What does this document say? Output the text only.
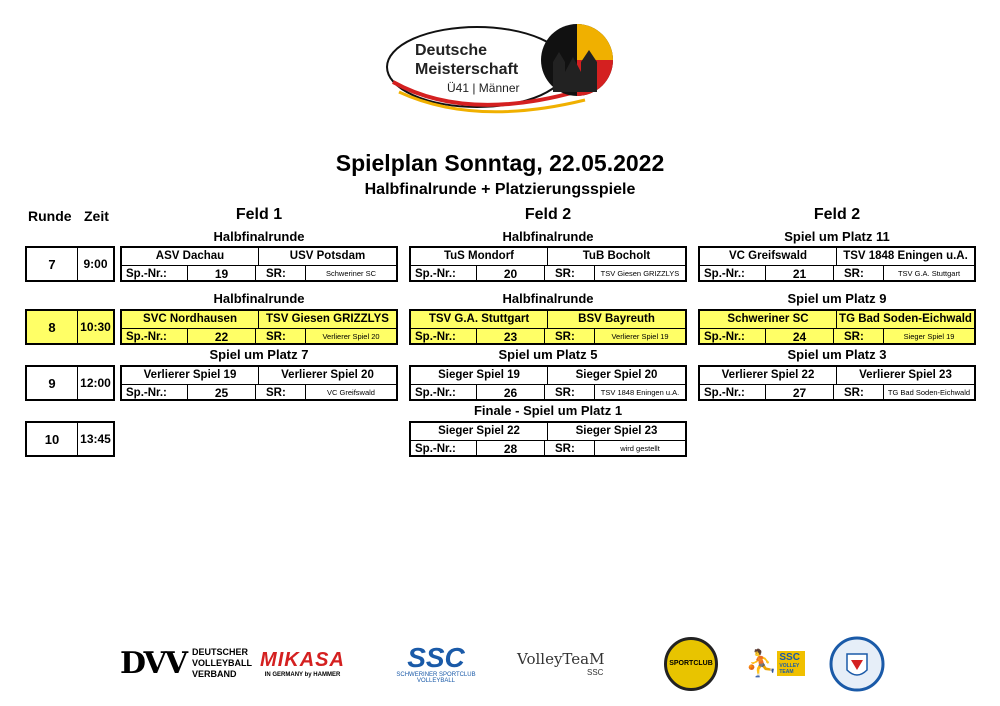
Deutsche
Meisterschaft
Ü41 | Männer
Spielplan Sonntag, 22.05.2022
Halbfinalrunde + Platzierungsspiele
Runde Zeit	Feld 1	Feld 2	Feld 2
7	9:00
8	10:30
9	12:00
10	13:45
Halbfinalrunde
ASV Dachau	USV Potsdam
Sp.-Nr.:	19	SR:	Schweriner SC
Halbfinalrunde
TuS Mondorf	TuB Bocholt
Sp.-Nr.:	20	SR:	TSV Giesen GRIZZLYS
Spiel um Platz 11
VC Greifswald	TSV 1848 Eningen u.A.
Sp.-Nr.:	21	SR:	TSV G.A. Stuttgart
Halbfinalrunde
SVC Nordhausen	TSV Giesen GRIZZLYS
Sp.-Nr.:	22	SR:	Verlierer Spiel 20
Halbfinalrunde
TSV G.A. Stuttgart	BSV Bayreuth
Sp.-Nr.:	23	SR:	Verlierer Spiel 19
Spiel um Platz 9
Schweriner SC	TG Bad Soden-Eichwald
Sp.-Nr.:	24	SR:	Sieger Spiel 19
Spiel um Platz 7
Verlierer Spiel 19	Verlierer Spiel 20
Sp.-Nr.:	25	SR:	VC Greifswald
Spiel um Platz 5
Sieger Spiel 19	Sieger Spiel 20
Sp.-Nr.:	26	SR:	TSV 1848 Eningen u.A.
Spiel um Platz 3
Verlierer Spiel 22	Verlierer Spiel 23
Sp.-Nr.:	27	SR:	TG Bad Soden-Eichwald
Finale - Spiel um Platz 1
Sieger Spiel 22	Sieger Spiel 23
Sp.-Nr.:	28	SR:	wird gestellt
DVV DEUTSCHER
VOLLEYBALL
VERBAND
MIKASA
IN GERMANY by HAMMER
SSC
SCHWERINER SPORTCLUB
VOLLEYBALL
VolleyTeaM
SSC
SPORTCLUB ⛹ SSC
VOLLEY TEAM
